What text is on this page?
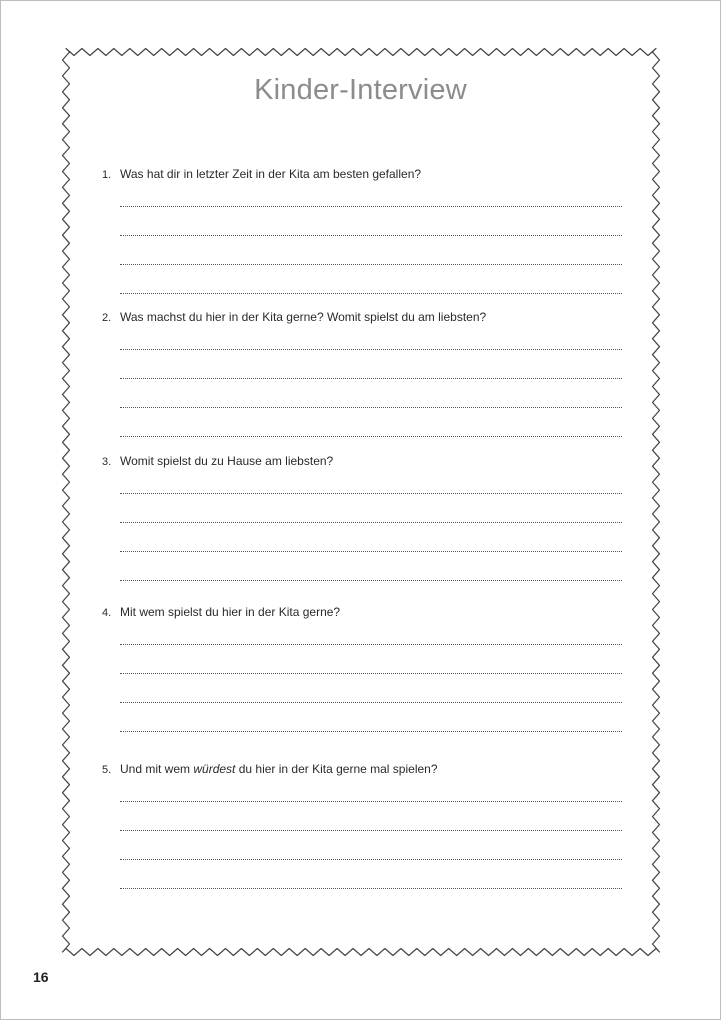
Kinder-Interview
1. Was hat dir in letzter Zeit in der Kita am besten gefallen?
2. Was machst du hier in der Kita gerne? Womit spielst du am liebsten?
3. Womit spielst du zu Hause am liebsten?
4. Mit wem spielst du hier in der Kita gerne?
5. Und mit wem würdest du hier in der Kita gerne mal spielen?
16
